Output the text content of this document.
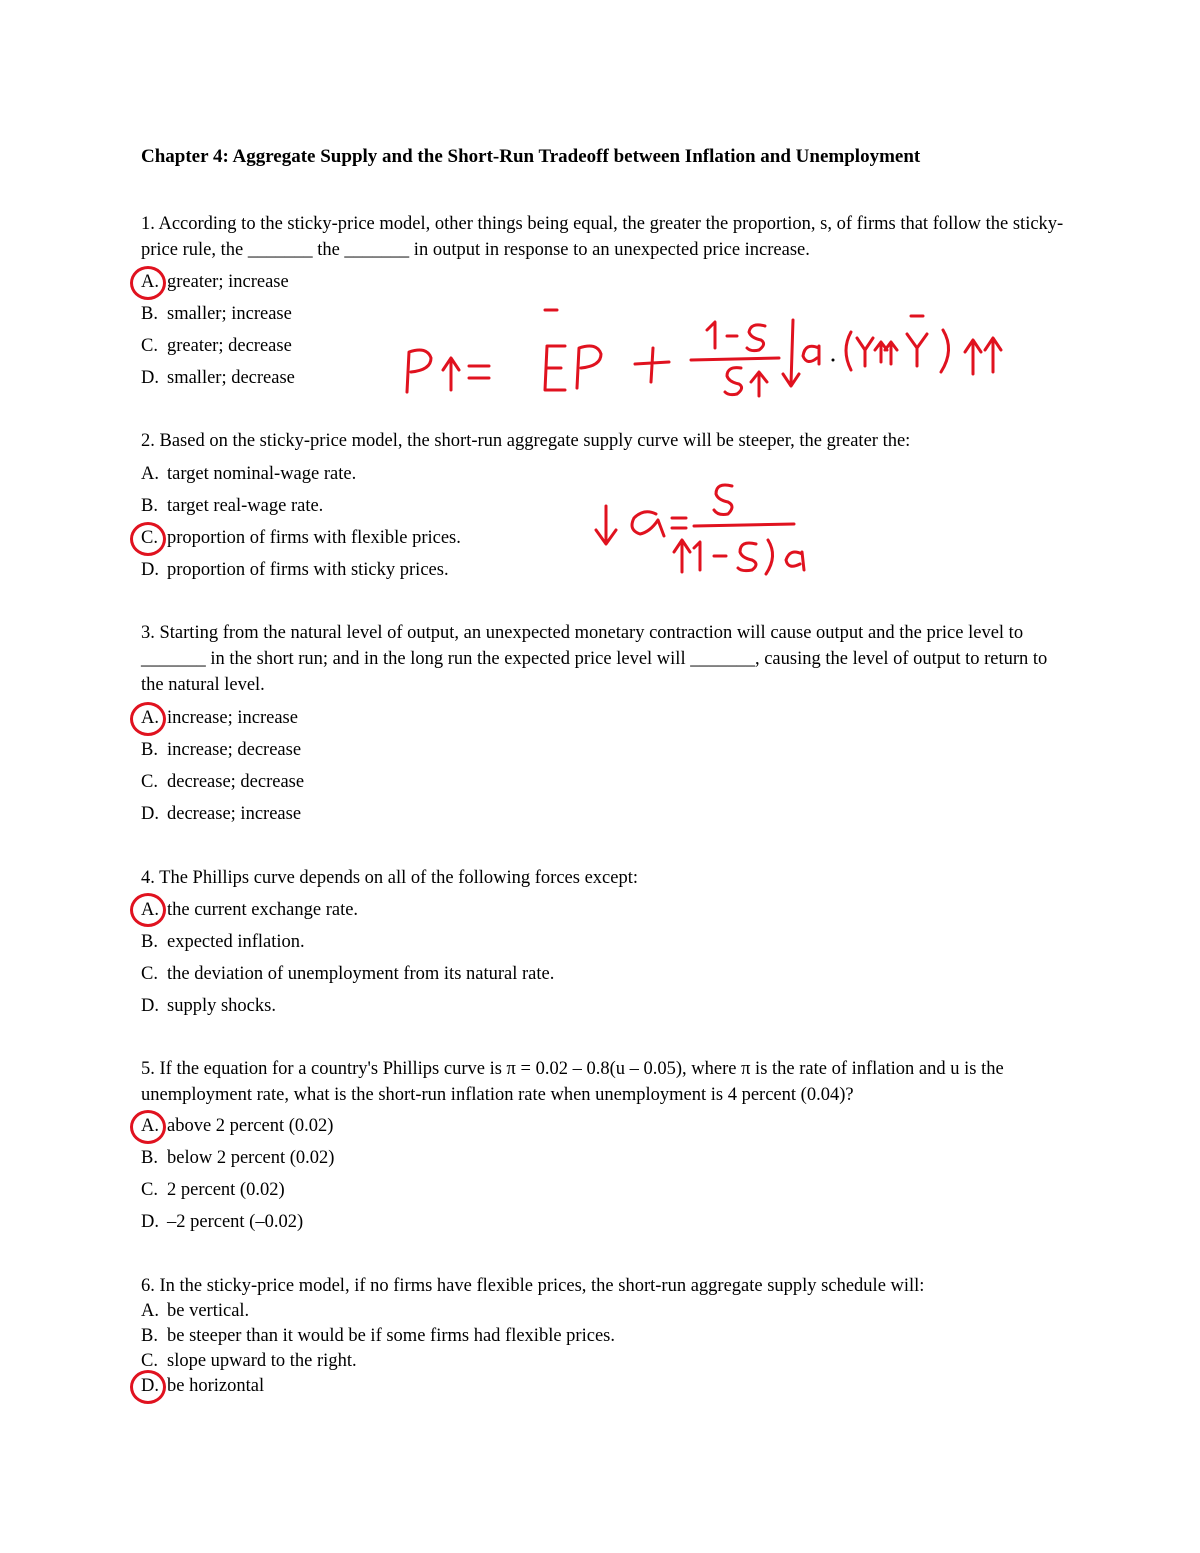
Chapter 4: Aggregate Supply and the Short-Run Tradeoff between Inflation and Unemployment

1. According to the sticky-price model, other things being equal, the greater the proportion, s, of firms that follow the sticky-price rule, the _______ the _______ in output in response to an unexpected price increase.

A. greater; increase

B. smaller; increase

C. greater; decrease

D. smaller; decrease

2. Based on the sticky-price model, the short-run aggregate supply curve will be steeper, the greater the:

A. target nominal-wage rate.

B. target real-wage rate.

C. proportion of firms with flexible prices.

D. proportion of firms with sticky prices.

3. Starting from the natural level of output, an unexpected monetary contraction will cause output and the price level to _______ in the short run; and in the long run the expected price level will _______, causing the level of output to return to the natural level.

A. increase; increase

B. increase; decrease

C. decrease; decrease

D. decrease; increase

4. The Phillips curve depends on all of the following forces except:

A. the current exchange rate.

B. expected inflation.

C. the deviation of unemployment from its natural rate.

D. supply shocks.

5. If the equation for a country's Phillips curve is π = 0.02 – 0.8(u – 0.05), where π is the rate of inflation and u is the unemployment rate, what is the short-run inflation rate when unemployment is 4 percent (0.04)?

A. above 2 percent (0.02)

B. below 2 percent (0.02)

C. 2 percent (0.02)

D. –2 percent (–0.02)

6. In the sticky-price model, if no firms have flexible prices, the short-run aggregate supply schedule will:

A. be vertical.

B. be steeper than it would be if some firms had flexible prices.

C. slope upward to the right.

D. be horizontal
